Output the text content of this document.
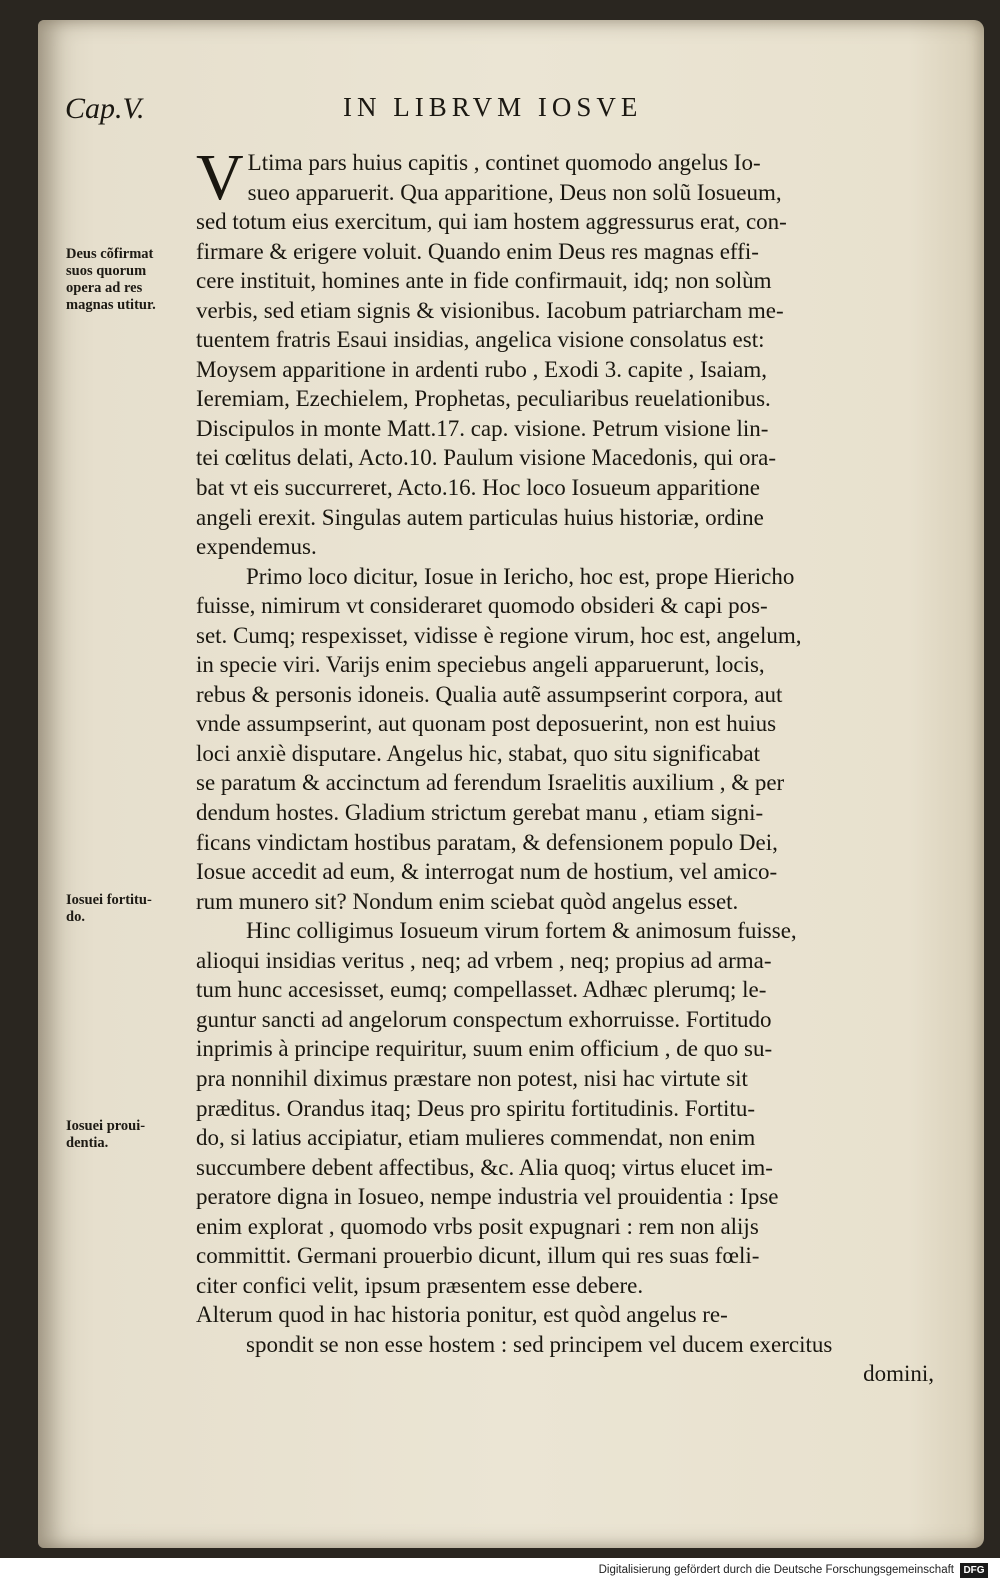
Cap.V.	IN LIBRVM IOSVE
Deus cõfirmat
suos quorum
opera ad res
magnas utitur.
Iosuei fortitu-
do.
Iosuei proui-
dentia.
V Ltima pars huius capitis , continet quomodo angelus Io-
sueo apparuerit. Qua apparitione, Deus non solũ Iosueum,
sed totum eius exercitum, qui iam hostem aggressurus erat, con-
firmare & erigere voluit. Quando enim Deus res magnas effi-
cere instituit, homines ante in fide confirmauit, idq; non solùm
verbis, sed etiam signis & visionibus. Iacobum patriarcham me-
tuentem fratris Esaui insidias, angelica visione consolatus est:
Moysem apparitione in ardenti rubo , Exodi 3. capite , Isaiam,
Ieremiam, Ezechielem, Prophetas, peculiaribus reuelationibus.
Discipulos in monte Matt.17. cap. visione. Petrum visione lin-
tei cœlitus delati, Acto.10. Paulum visione Macedonis, qui ora-
bat vt eis succurreret, Acto.16. Hoc loco Iosueum apparitione
angeli erexit. Singulas autem particulas huius historiæ, ordine
expendemus.
Primo loco dicitur, Iosue in Iericho, hoc est, prope Hiericho
fuisse, nimirum vt consideraret quomodo obsideri & capi pos-
set. Cumq; respexisset, vidisse è regione virum, hoc est, angelum,
in specie viri. Varijs enim speciebus angeli apparuerunt, locis,
rebus & personis idoneis. Qualia autẽ assumpserint corpora, aut
vnde assumpserint, aut quonam post deposuerint, non est huius
loci anxiè disputare. Angelus hic, stabat, quo situ significabat
se paratum & accinctum ad ferendum Israelitis auxilium , & per
dendum hostes. Gladium strictum gerebat manu , etiam signi-
ficans vindictam hostibus paratam, & defensionem populo Dei,
Iosue accedit ad eum, & interrogat num de hostium, vel amico-
rum munero sit? Nondum enim sciebat quòd angelus esset.
Hinc colligimus Iosueum virum fortem & animosum fuisse,
alioqui insidias veritus , neq; ad vrbem , neq; propius ad arma-
tum hunc accesisset, eumq; compellasset. Adhæc plerumq; le-
guntur sancti ad angelorum conspectum exhorruisse. Fortitudo
inprimis à principe requiritur, suum enim officium , de quo su-
pra nonnihil diximus præstare non potest, nisi hac virtute sit
præditus. Orandus itaq; Deus pro spiritu fortitudinis. Fortitu-
do, si latius accipiatur, etiam mulieres commendat, non enim
succumbere debent affectibus, &c. Alia quoq; virtus elucet im-
peratore digna in Iosueo, nempe industria vel prouidentia : Ipse
enim explorat , quomodo vrbs posit expugnari : rem non alijs
committit. Germani prouerbio dicunt, illum qui res suas fœli-
citer confici velit, ipsum præsentem esse debere.
Alterum quod in hac historia ponitur, est quòd angelus re-
spondit se non esse hostem : sed principem vel ducem exercitus
domini,
Digitalisierung gefördert durch die Deutsche Forschungsgemeinschaft DFG
